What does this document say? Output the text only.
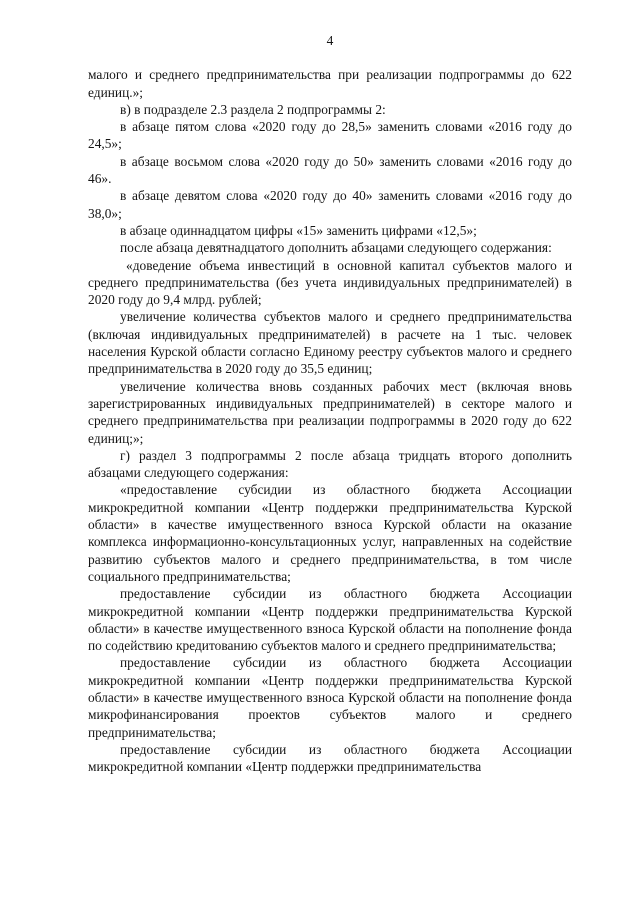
4

малого и среднего предпринимательства при реализации подпрограммы до 622 единиц.»;

в) в подразделе 2.3 раздела 2 подпрограммы 2:

в абзаце пятом слова «2020 году до 28,5» заменить словами «2016 году до 24,5»;

в абзаце восьмом слова «2020 году до 50» заменить словами «2016 году до 46».

в абзаце девятом слова «2020 году до 40» заменить словами «2016 году до 38,0»;

в абзаце одиннадцатом цифры «15» заменить цифрами «12,5»;

после абзаца девятнадцатого дополнить абзацами следующего содержания:

«доведение объема инвестиций в основной капитал субъектов малого и среднего предпринимательства (без учета индивидуальных предпринимателей) в 2020 году до 9,4 млрд. рублей;

увеличение количества субъектов малого и среднего предпринимательства (включая индивидуальных предпринимателей) в расчете на 1 тыс. человек населения Курской области согласно Единому реестру субъектов малого и среднего предпринимательства в 2020 году до 35,5 единиц;

увеличение количества вновь созданных рабочих мест (включая вновь зарегистрированных индивидуальных предпринимателей) в секторе малого и среднего предпринимательства при реализации подпрограммы в 2020 году до 622 единиц;»;

г) раздел 3 подпрограммы 2 после абзаца тридцать второго дополнить абзацами следующего содержания:

«предоставление субсидии из областного бюджета Ассоциации микрокредитной компании «Центр поддержки предпринимательства Курской области» в качестве имущественного взноса Курской области на оказание комплекса информационно-консультационных услуг, направленных на содействие развитию субъектов малого и среднего предпринимательства, в том числе социального предпринимательства;

предоставление субсидии из областного бюджета Ассоциации микрокредитной компании «Центр поддержки предпринимательства Курской области» в качестве имущественного взноса Курской области на пополнение фонда по содействию кредитованию субъектов малого и среднего предпринимательства;

предоставление субсидии из областного бюджета Ассоциации микрокредитной компании «Центр поддержки предпринимательства Курской области» в качестве имущественного взноса Курской области на пополнение фонда микрофинансирования проектов субъектов малого и среднего предпринимательства;

предоставление субсидии из областного бюджета Ассоциации микрокредитной компании «Центр поддержки предпринимательства
